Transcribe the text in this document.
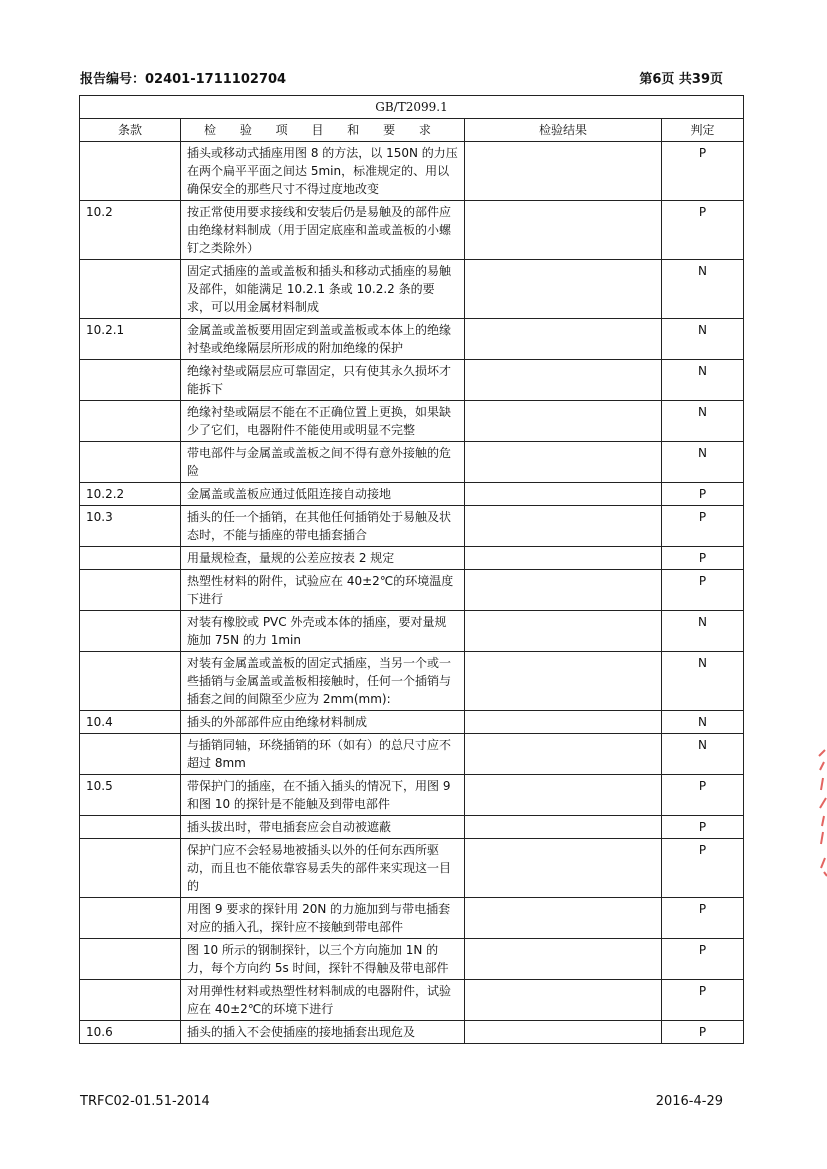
报告编号：02401-1711102704	第6页 共39页
GB/T2099.1			
条款	检 验 项 目 和 要 求	检验结果	判定
	插头或移动式插座用图 8 的方法，以 150N 的力压在两个扁平平面之间达 5min，标准规定的、用以确保安全的那些尺寸不得过度地改变		P
10.2	按正常使用要求接线和安装后仍是易触及的部件应由绝缘材料制成（用于固定底座和盖或盖板的小螺钉之类除外）		P
	固定式插座的盖或盖板和插头和移动式插座的易触及部件，如能满足 10.2.1 条或 10.2.2 条的要求，可以用金属材料制成		N
10.2.1	金属盖或盖板要用固定到盖或盖板或本体上的绝缘衬垫或绝缘隔层所形成的附加绝缘的保护		N
	绝缘衬垫或隔层应可靠固定，只有使其永久损坏才能拆下		N
	绝缘衬垫或隔层不能在不正确位置上更换，如果缺少了它们，电器附件不能使用或明显不完整		N
	带电部件与金属盖或盖板之间不得有意外接触的危险		N
10.2.2	金属盖或盖板应通过低阻连接自动接地		P
10.3	插头的任一个插销，在其他任何插销处于易触及状态时，不能与插座的带电插套插合		P
	用量规检查，量规的公差应按表 2 规定		P
	热塑性材料的附件，试验应在 40±2℃的环境温度下进行		P
	对装有橡胶或 PVC 外壳或本体的插座，要对量规施加 75N 的力 1min		N
	对装有金属盖或盖板的固定式插座，当另一个或一些插销与金属盖或盖板相接触时，任何一个插销与插套之间的间隙至少应为 2mm(mm):		N
10.4	插头的外部部件应由绝缘材料制成		N
	与插销同轴，环绕插销的环（如有）的总尺寸应不超过 8mm		N
10.5	带保护门的插座，在不插入插头的情况下，用图 9 和图 10 的探针是不能触及到带电部件		P
	插头拔出时，带电插套应会自动被遮蔽		P
	保护门应不会轻易地被插头以外的任何东西所驱动，而且也不能依靠容易丢失的部件来实现这一目的		P
	用图 9 要求的探针用 20N 的力施加到与带电插套对应的插入孔，探针应不接触到带电部件		P
	图 10 所示的钢制探针，以三个方向施加 1N 的力，每个方向约 5s 时间，探针不得触及带电部件		P
	对用弹性材料或热塑性材料制成的电器附件，试验应在 40±2℃的环境下进行		P
10.6	插头的插入不会使插座的接地插套出现危及		P
TRFC02-01.51-2014	2016-4-29
